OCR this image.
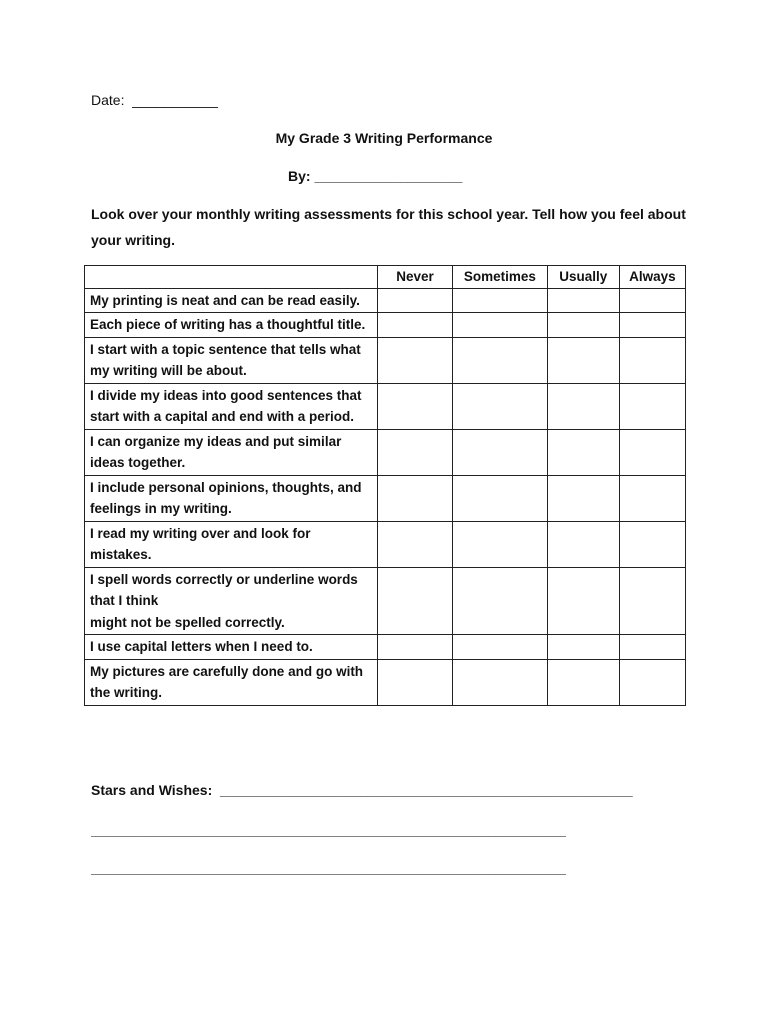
Date: ___________
My Grade 3 Writing Performance
By: ___________________
Look over your monthly writing assessments for this school year. Tell how you feel about your writing.
	Never	Sometimes	Usually	Always

My printing is neat and can be read easily.				

Each piece of writing has a thoughtful title.				

I start with a topic sentence that tells what my writing will be about.				

I divide my ideas into good sentences that start with a capital and end with a period.				

I can organize my ideas and put similar ideas together.				

I include personal opinions, thoughts, and feelings in my writing.				

I read my writing over and look for mistakes.				

I spell words correctly or underline words that I think
might not be spelled correctly.				

I use capital letters when I need to.				

My pictures are carefully done and go with the writing.				

Stars and Wishes: _____________________________________________________
_____________________________________________________________
_____________________________________________________________
